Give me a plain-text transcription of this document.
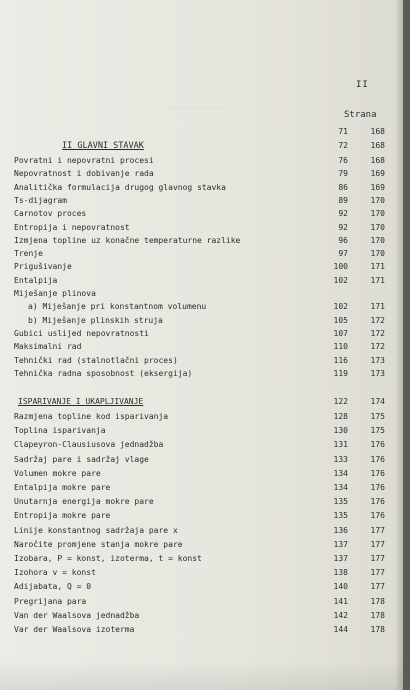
II
Strana
71	168
II GLAVNI STAVAK	72	168
Povratni i nepovratni procesi	76	168
Nepovratnost i dobivanje rada	79	169
Analitička formulacija drugog glavnog stavka	86	169
Ts-dijagram	89	170
Carnotov proces	92	170
Entropija i nepovratnost	92	170
Izmjena topline uz konačne temperaturne razlike	96	170
Trenje	97	170
Prigušivanje	100	171
Entalpija	102	171
Miješanje plinova
a) Miješanje pri konstantnom volumenu	102	171
b) Miješanje plinskih struja	105	172
Gubici uslijed nepovratnosti	107	172
Maksimalni rad	110	172
Tehnički rad (stalnotlačni proces)	116	173
Tehnička radna sposobnost (eksergija)	119	173
ISPARIVANJE I UKAPLJIVANJE	122	174
Razmjena topline kod isparivanja	128	175
Toplina isparivanja	130	175
Clapeyron-Clausiusova jednadžba	131	176
Sadržaj pare i sadržaj vlage	133	176
Volumen mokre pare	134	176
Entalpija mokre pare	134	176
Unutarnja energija mokre pare	135	176
Entropija mokre pare	135	176
Linije konstantnog sadržaja pare x	136	177
Naročite promjene stanja mokre pare	137	177
Izobara, P = konst, izoterma, t = konst	137	177
Izohora v = konst	138	177
Adijabata, Q = 0	140	177
Pregrijana para	141	178
Van der Waalsova jednadžba	142	178
Var der Waalsova izoterma	144	178
